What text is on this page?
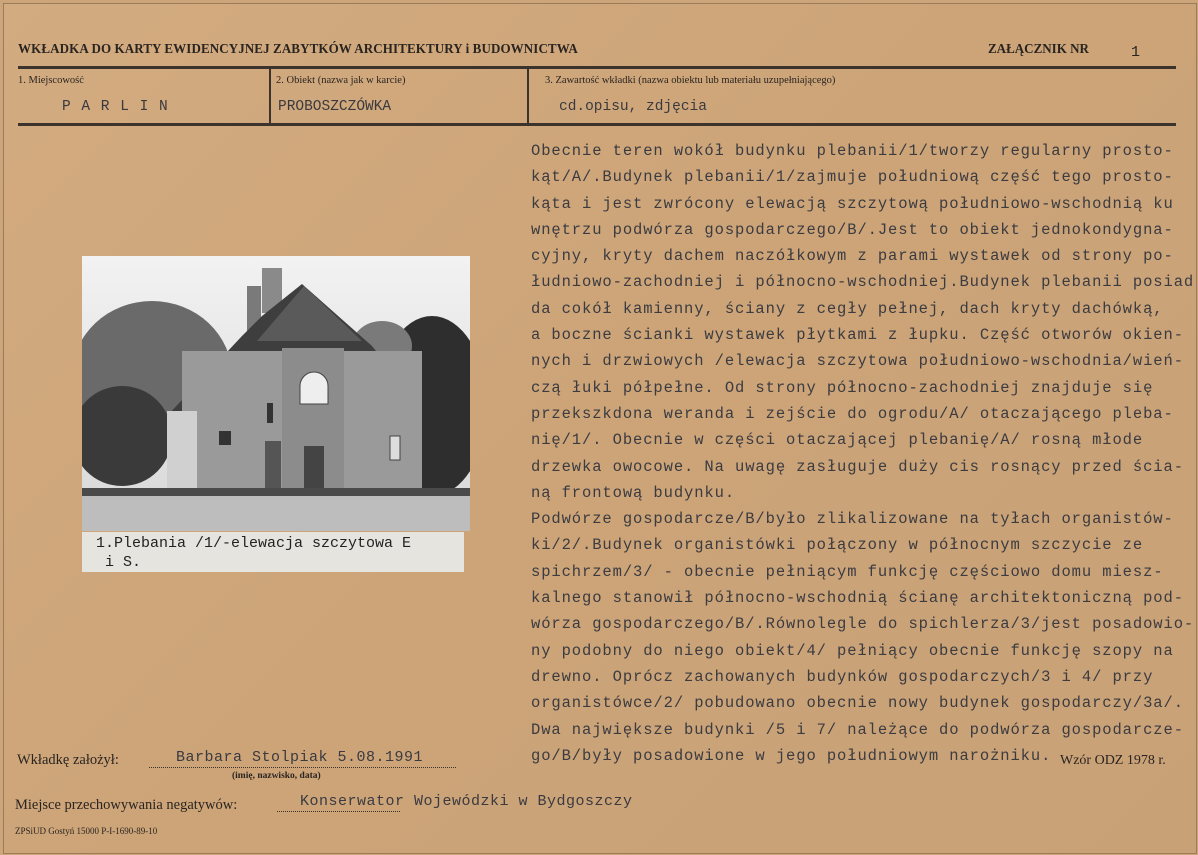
WKŁADKA DO KARTY EWIDENCYJNEJ ZABYTKÓW ARCHITEKTURY i BUDOWNICTWA	ZAŁĄCZNIK NR	1
1. Miejscowość
P A R L I N
2. Obiekt (nazwa jak w karcie)
PROBOSZCZÓWKA
3. Zawartość wkładki (nazwa obiektu lub materiału uzupełniającego)
cd.opisu, zdjęcia
Obecnie teren wokół budynku plebanii/1/tworzy regularny prosto-
kąt/A/.Budynek plebanii/1/zajmuje południową część tego prosto-
kąta i jest zwrócony elewacją szczytową południowo-wschodnią ku
wnętrzu podwórza gospodarczego/B/.Jest to obiekt jednokondygna-
cyjny, kryty dachem naczółkowym z parami wystawek od strony po-
łudniowo-zachodniej i północno-wschodniej.Budynek plebanii posiad
da cokół kamienny, ściany z cegły pełnej, dach kryty dachówką,
a boczne ścianki wystawek płytkami z łupku. Część otworów okien-
nych i drzwiowych /elewacja szczytowa południowo-wschodnia/wień-
czą łuki półpełne. Od strony północno-zachodniej znajduje się
przekszkdona weranda i zejście do ogrodu/A/ otaczającego pleba-
nię/1/. Obecnie w części otaczającej plebanię/A/ rosną młode
drzewka owocowe. Na uwagę zasługuje duży cis rosnący przed ścia-
ną frontową budynku.
Podwórze gospodarcze/B/było zlikalizowane na tyłach organistów-
ki/2/.Budynek organistówki połączony w północnym szczycie ze
spichrzem/3/ - obecnie pełniącym funkcję częściowo domu miesz-
kalnego stanowił północno-wschodnią ścianę architektoniczną pod-
wórza gospodarczego/B/.Równolegle do spichlerza/3/jest posadowio-
ny podobny do niego obiekt/4/ pełniący obecnie funkcję szopy na
drewno. Oprócz zachowanych budynków gospodarczych/3 i 4/ przy
organistówce/2/ pobudowano obecnie nowy budynek gospodarczy/3a/.
Dwa największe budynki /5 i 7/ należące do podwórza gospodarcze-
go/B/były posadowione w jego południowym narożniku.
1.Plebania /1/-elewacja szczytowa E
i S.
Wzór ODZ 1978 r.
Wkładkę założył:	Barbara Stolpiak 5.08.1991
(imię, nazwisko, data)
Miejsce przechowywania negatywów:	Konserwator Wojewódzki w Bydgoszczy
ZPSiUD Gostyń 15000 P-I-1690-89-10
